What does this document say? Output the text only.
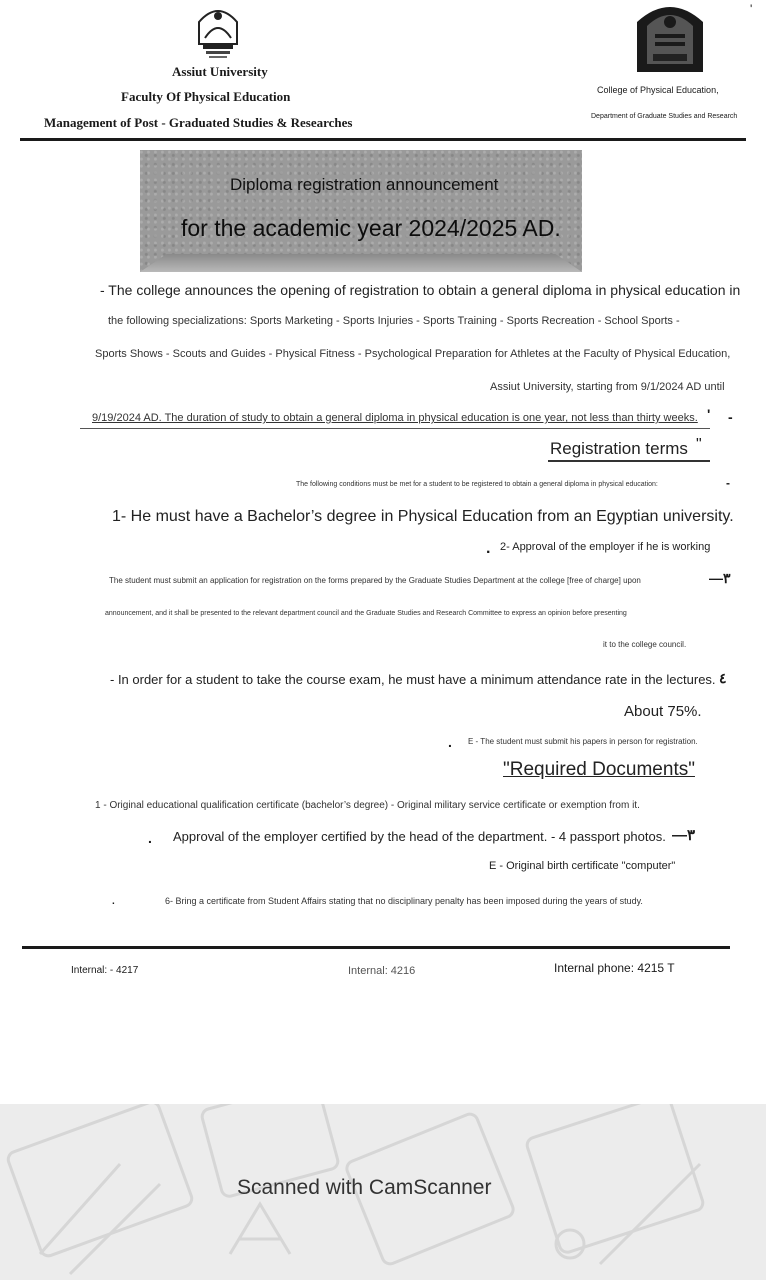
'
Assiut University
Faculty Of Physical Education
Management of Post - Graduated Studies & Researches
College of Physical Education,
Department of Graduate Studies and Research
Diploma registration announcement
for the academic year 2024/2025 AD.
- The college announces the opening of registration to obtain a general diploma in physical education in
the following specializations: Sports Marketing - Sports Injuries - Sports Training - Sports Recreation - School Sports -
Sports Shows - Scouts and Guides - Physical Fitness - Psychological Preparation for Athletes at the Faculty of Physical Education,
Assiut University, starting from 9/1/2024 AD until
9/19/2024 AD. The duration of study to obtain a general diploma in physical education is one year, not less than thirty weeks. ' -
Registration terms "
The following conditions must be met for a student to be registered to obtain a general diploma in physical education:	-
1- He must have a Bachelor’s degree in Physical Education from an Egyptian university.
. 2- Approval of the employer if he is working
The student must submit an application for registration on the forms prepared by the Graduate Studies Department at the college [free of charge] upon	—٣
announcement, and it shall be presented to the relevant department council and the Graduate Studies and Research Committee to express an opinion before presenting
it to the college council.
- In order for a student to take the course exam, he must have a minimum attendance rate in the lectures. ٤
About 75%.
. E - The student must submit his papers in person for registration.
"Required Documents"
1 - Original educational qualification certificate (bachelor’s degree) - Original military service certificate or exemption from it.
. Approval of the employer certified by the head of the department. - 4 passport photos. —٣
E - Original birth certificate "computer"
.	6- Bring a certificate from Student Affairs stating that no disciplinary penalty has been imposed during the years of study.
Internal: - 4217	Internal: 4216	Internal phone: 4215 T
Scanned with CamScanner
